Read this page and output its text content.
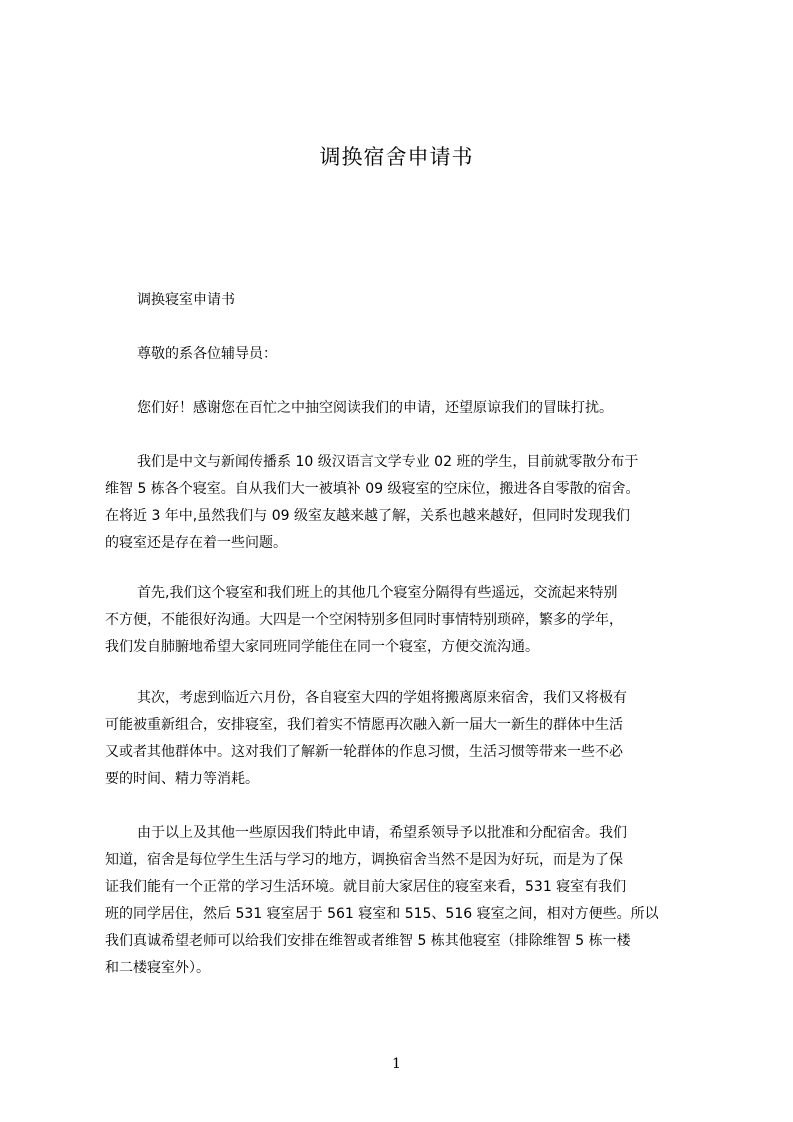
调换宿舍申请书
调换寝室申请书
尊敬的系各位辅导员：
您们好！感谢您在百忙之中抽空阅读我们的申请，还望原谅我们的冒昧打扰。
我们是中文与新闻传播系 10 级汉语言文学专业 02 班的学生，目前就零散分布于
维智 5 栋各个寝室。自从我们大一被填补 09 级寝室的空床位，搬进各自零散的宿舍。
在将近 3 年中,虽然我们与 09 级室友越来越了解，关系也越来越好，但同时发现我们
的寝室还是存在着一些问题。
首先,我们这个寝室和我们班上的其他几个寝室分隔得有些遥远，交流起来特别
不方便，不能很好沟通。大四是一个空闲特别多但同时事情特别琐碎，繁多的学年，
我们发自肺腑地希望大家同班同学能住在同一个寝室，方便交流沟通。
其次，考虑到临近六月份，各自寝室大四的学姐将搬离原来宿舍，我们又将极有
可能被重新组合，安排寝室，我们着实不情愿再次融入新一届大一新生的群体中生活
又或者其他群体中。这对我们了解新一轮群体的作息习惯，生活习惯等带来一些不必
要的时间、精力等消耗。
由于以上及其他一些原因我们特此申请，希望系领导予以批准和分配宿舍。我们
知道，宿舍是每位学生生活与学习的地方，调换宿舍当然不是因为好玩，而是为了保
证我们能有一个正常的学习生活环境。就目前大家居住的寝室来看，531 寝室有我们
班的同学居住，然后 531 寝室居于 561 寝室和 515、516 寝室之间，相对方便些。所以
我们真诚希望老师可以给我们安排在维智或者维智 5 栋其他寝室（排除维智 5 栋一楼
和二楼寝室外）。
1
